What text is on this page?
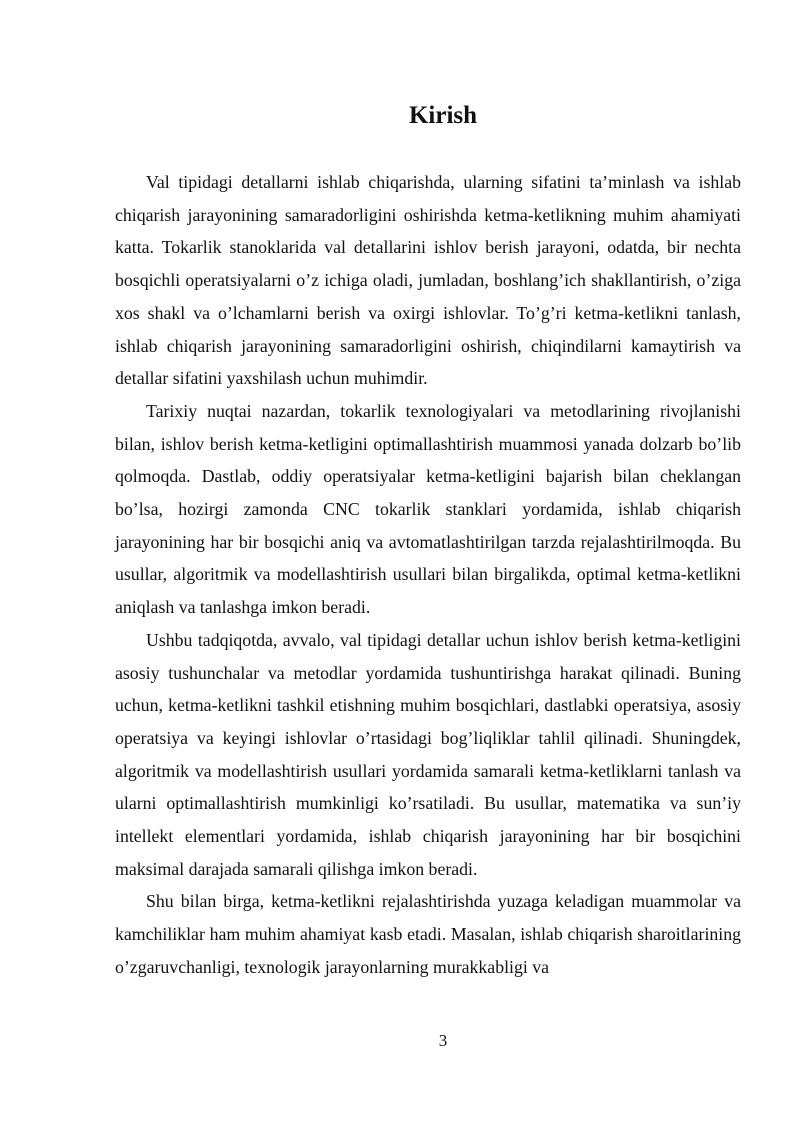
Kirish

Val tipidagi detallarni ishlab chiqarishda, ularning sifatini ta’minlash va ishlab chiqarish jarayonining samaradorligini oshirishda ketma-ketlikning muhim ahamiyati katta. Tokarlik stanoklarida val detallarini ishlov berish jarayoni, odatda, bir nechta bosqichli operatsiyalarni o’z ichiga oladi, jumladan, boshlang’ich shakllantirish, o’ziga xos shakl va o’lchamlarni berish va oxirgi ishlovlar. To’g’ri ketma-ketlikni tanlash, ishlab chiqarish jarayonining samaradorligini oshirish, chiqindilarni kamaytirish va detallar sifatini yaxshilash uchun muhimdir.

Tarixiy nuqtai nazardan, tokarlik texnologiyalari va metodlarining rivojlanishi bilan, ishlov berish ketma-ketligini optimallashtirish muammosi yanada dolzarb bo’lib qolmoqda. Dastlab, oddiy operatsiyalar ketma-ketligini bajarish bilan cheklangan bo’lsa, hozirgi zamonda CNC tokarlik stanklari yordamida, ishlab chiqarish jarayonining har bir bosqichi aniq va avtomatlashtirilgan tarzda rejalashtirilmoqda. Bu usullar, algoritmik va modellashtirish usullari bilan birgalikda, optimal ketma-ketlikni aniqlash va tanlashga imkon beradi.

Ushbu tadqiqotda, avvalo, val tipidagi detallar uchun ishlov berish ketma-ketligini asosiy tushunchalar va metodlar yordamida tushuntirishga harakat qilinadi. Buning uchun, ketma-ketlikni tashkil etishning muhim bosqichlari, dastlabki operatsiya, asosiy operatsiya va keyingi ishlovlar o’rtasidagi bog’liqliklar tahlil qilinadi. Shuningdek, algoritmik va modellashtirish usullari yordamida samarali ketma-ketliklarni tanlash va ularni optimallashtirish mumkinligi ko’rsatiladi. Bu usullar, matematika va sun’iy intellekt elementlari yordamida, ishlab chiqarish jarayonining har bir bosqichini maksimal darajada samarali qilishga imkon beradi.

Shu bilan birga, ketma-ketlikni rejalashtirishda yuzaga keladigan muammolar va kamchiliklar ham muhim ahamiyat kasb etadi. Masalan, ishlab chiqarish sharoitlarining o’zgaruvchanligi, texnologik jarayonlarning murakkabligi va

3
